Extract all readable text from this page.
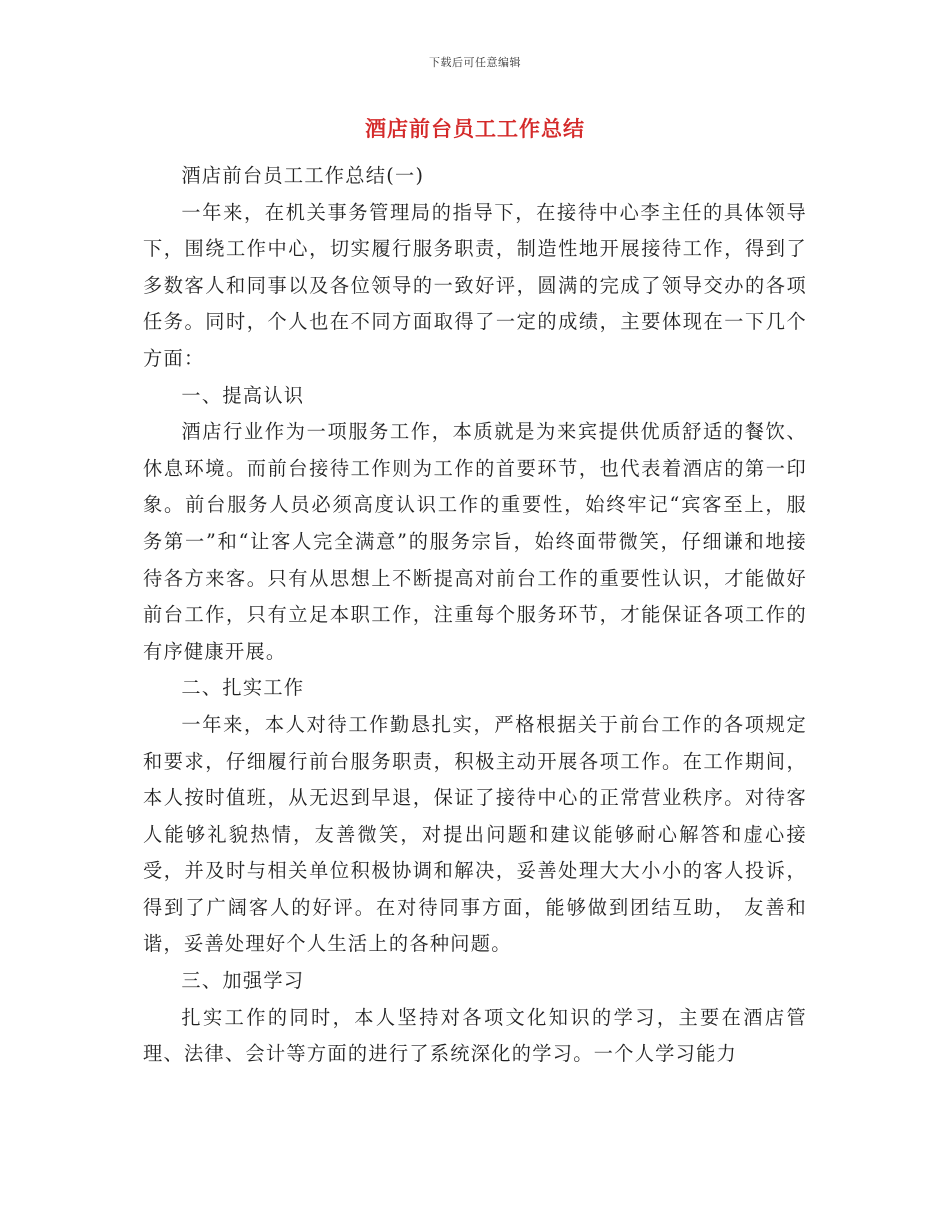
下载后可任意编辑
酒店前台员工工作总结

酒店前台员工工作总结(一)

一年来，在机关事务管理局的指导下，在接待中心李主任的具体领导下，围绕工作中心，切实履行服务职责，制造性地开展接待工作，得到了多数客人和同事以及各位领导的一致好评，圆满的完成了领导交办的各项任务。同时，个人也在不同方面取得了一定的成绩，主要体现在一下几个方面：

一、提高认识

酒店行业作为一项服务工作，本质就是为来宾提供优质舒适的餐饮、休息环境。而前台接待工作则为工作的首要环节，也代表着酒店的第一印象。前台服务人员必须高度认识工作的重要性，始终牢记“宾客至上，服务第一”和“让客人完全满意”的服务宗旨，始终面带微笑，仔细谦和地接待各方来客。只有从思想上不断提高对前台工作的重要性认识，才能做好前台工作，只有立足本职工作，注重每个服务环节，才能保证各项工作的有序健康开展。

二、扎实工作

一年来，本人对待工作勤恳扎实，严格根据关于前台工作的各项规定和要求，仔细履行前台服务职责，积极主动开展各项工作。在工作期间，本人按时值班，从无迟到早退，保证了接待中心的正常营业秩序。对待客人能够礼貌热情，友善微笑，对提出问题和建议能够耐心解答和虚心接受，并及时与相关单位积极协调和解决，妥善处理大大小小的客人投诉，得到了广阔客人的好评。在对待同事方面，能够做到团结互助， 友善和谐，妥善处理好个人生活上的各种问题。

三、加强学习

扎实工作的同时，本人坚持对各项文化知识的学习，主要在酒店管理、法律、会计等方面的进行了系统深化的学习。一个人学习能力
